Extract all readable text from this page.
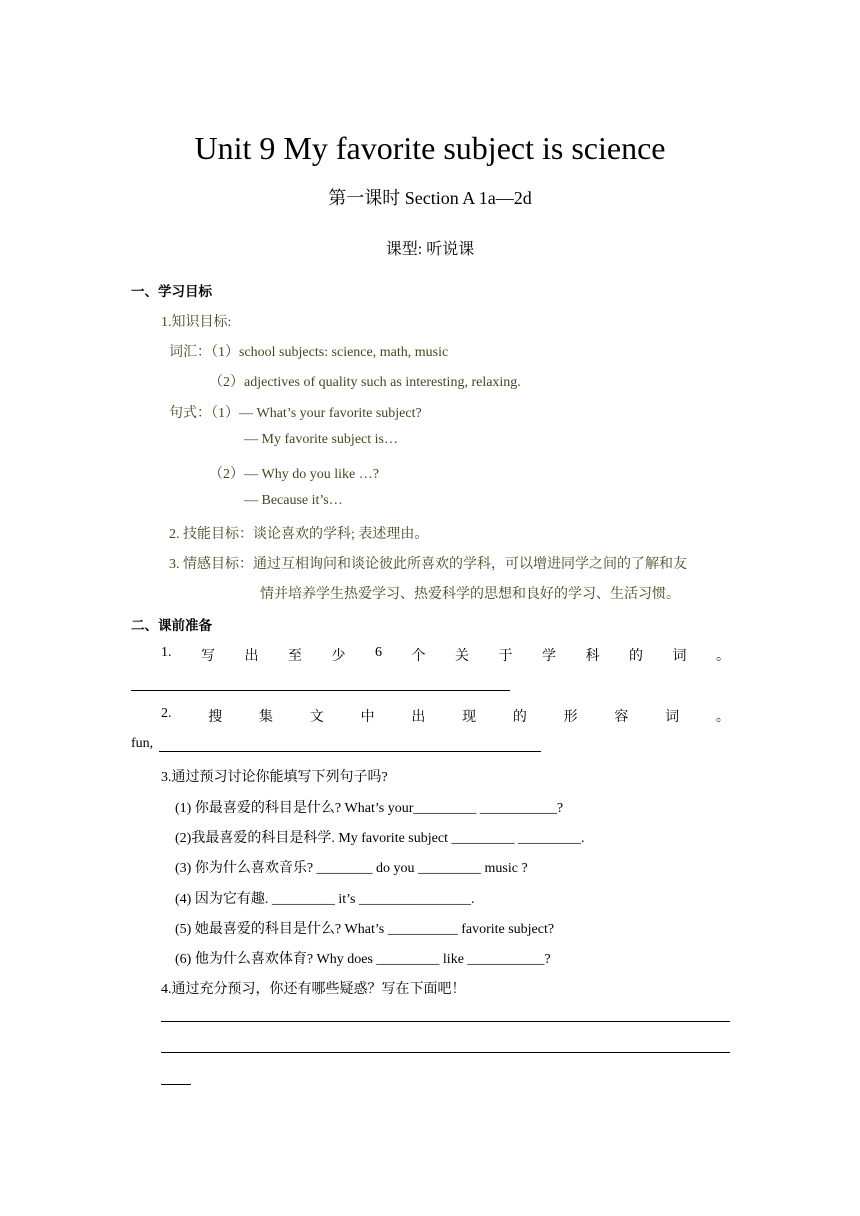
Unit 9 My favorite subject is science
第一课时 Section A 1a—2d
课型: 听说课
一、学习目标
1.知识目标:
词汇：（1）school subjects: science, math, music
（2）adjectives of quality such as interesting, relaxing.
句式：（1）— What’s your favorite subject?
— My favorite subject is…
（2）— Why do you like …?
— Because it’s…
2. 技能目标：谈论喜欢的学科; 表述理由。
3. 情感目标：通过互相询问和谈论彼此所喜欢的学科，可以增进同学之间的了解和友
情并培养学生热爱学习、热爱科学的思想和良好的学习、生活习惯。
二、课前准备
1. 写 出 至 少 6 个 关 于 学 科 的 词 。
2.	搜	集	文	中	出	现	的	形	容	词	。
fun,
3.通过预习讨论你能填写下列句子吗?
(1) 你最喜爱的科目是什么? What’s your_________ ___________?
(2)我最喜爱的科目是科学. My favorite subject _________ _________.
(3) 你为什么喜欢音乐? ________ do you _________ music ?
(4) 因为它有趣. _________ it’s ________________.
(5) 她最喜爱的科目是什么? What’s __________ favorite subject?
(6) 他为什么喜欢体育? Why does _________ like ___________?
4.通过充分预习，你还有哪些疑惑？写在下面吧！
